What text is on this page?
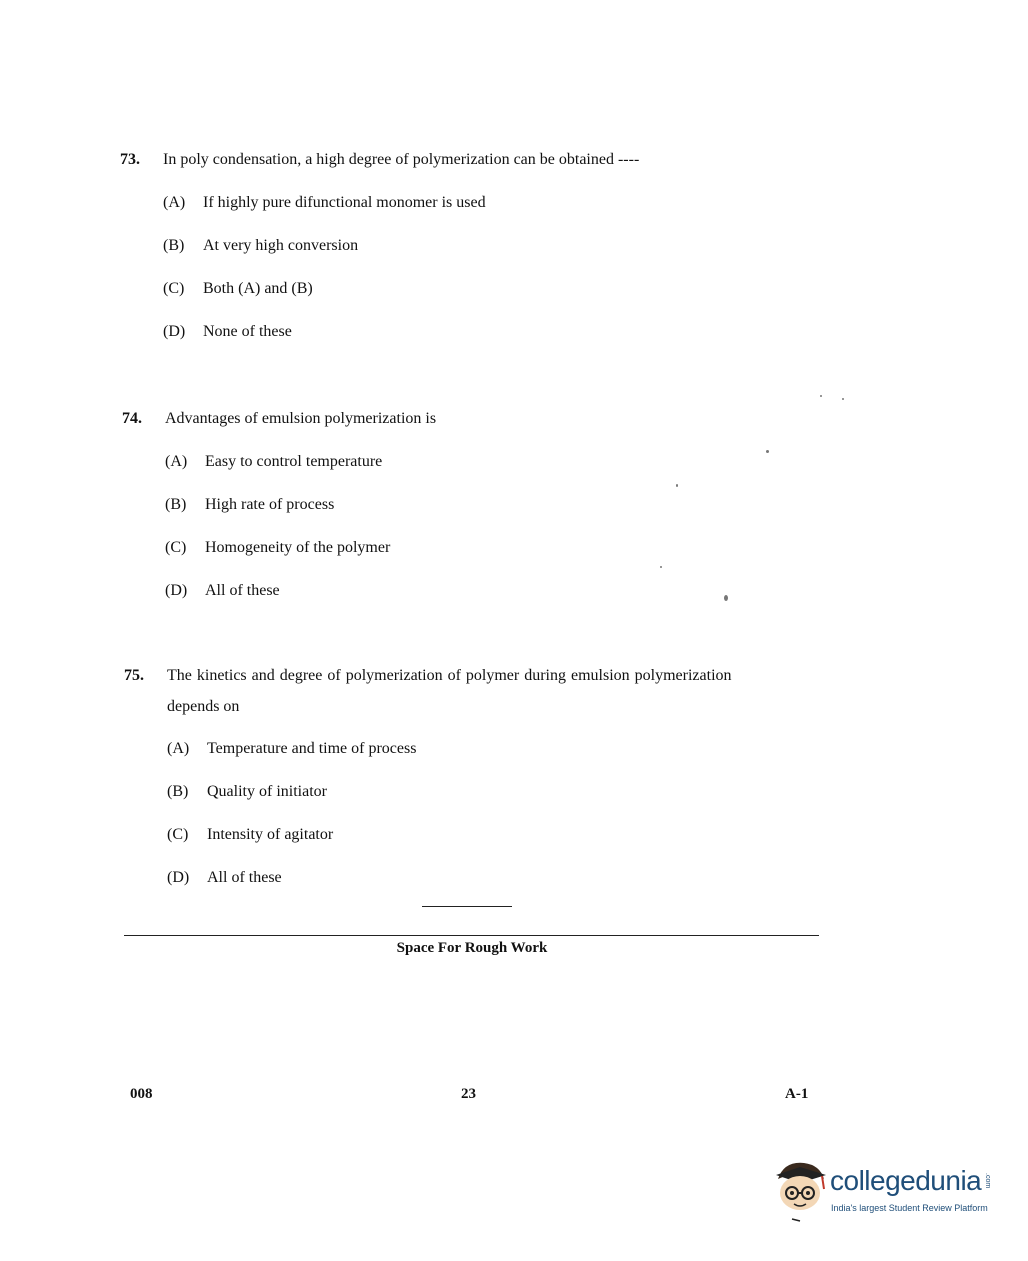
73. In poly condensation, a high degree of polymerization can be obtained ----
(A) If highly pure difunctional monomer is used
(B) At very high conversion
(C) Both (A) and (B)
(D) None of these
74. Advantages of emulsion polymerization is
(A) Easy to control temperature
(B) High rate of process
(C) Homogeneity of the polymer
(D) All of these
75. The kinetics and degree of polymerization of polymer during emulsion polymerization
depends on
(A) Temperature and time of process
(B) Quality of initiator
(C) Intensity of agitator
(D) All of these
Space For Rough Work
008	23	A-1
collegedunia .com
India's largest Student Review Platform
